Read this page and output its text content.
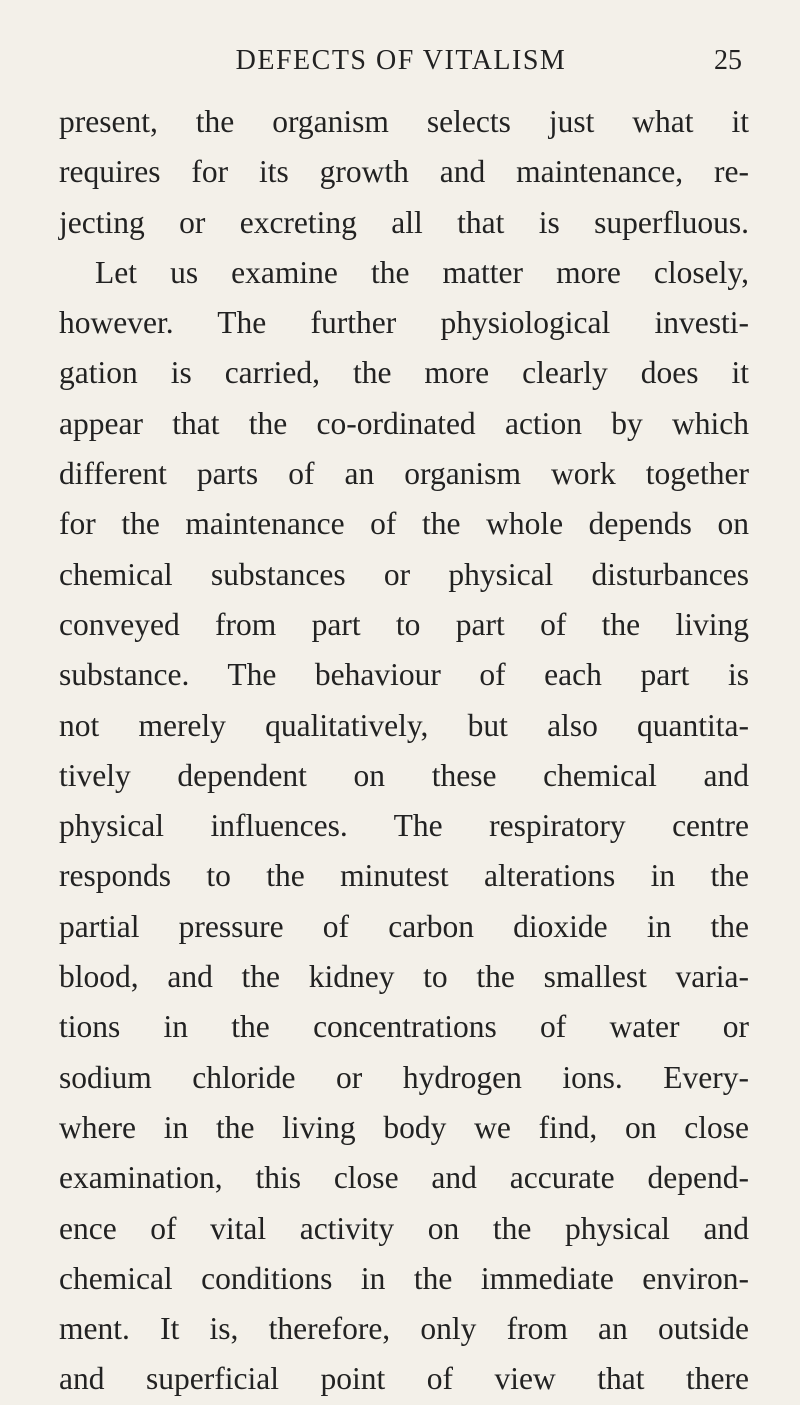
DEFECTS OF VITALISM	25
present, the organism selects just what it
requires for its growth and maintenance, re-
jecting or excreting all that is superfluous.
Let us examine the matter more closely,
however. The further physiological investi-
gation is carried, the more clearly does it
appear that the co-ordinated action by which
different parts of an organism work together
for the maintenance of the whole depends on
chemical substances or physical disturbances
conveyed from part to part of the living
substance. The behaviour of each part is
not merely qualitatively, but also quantita-
tively dependent on these chemical and
physical influences. The respiratory centre
responds to the minutest alterations in the
partial pressure of carbon dioxide in the
blood, and the kidney to the smallest varia-
tions in the concentrations of water or
sodium chloride or hydrogen ions. Every-
where in the living body we find, on close
examination, this close and accurate depend-
ence of vital activity on the physical and
chemical conditions in the immediate environ-
ment. It is, therefore, only from an outside
and superficial point of view that there
